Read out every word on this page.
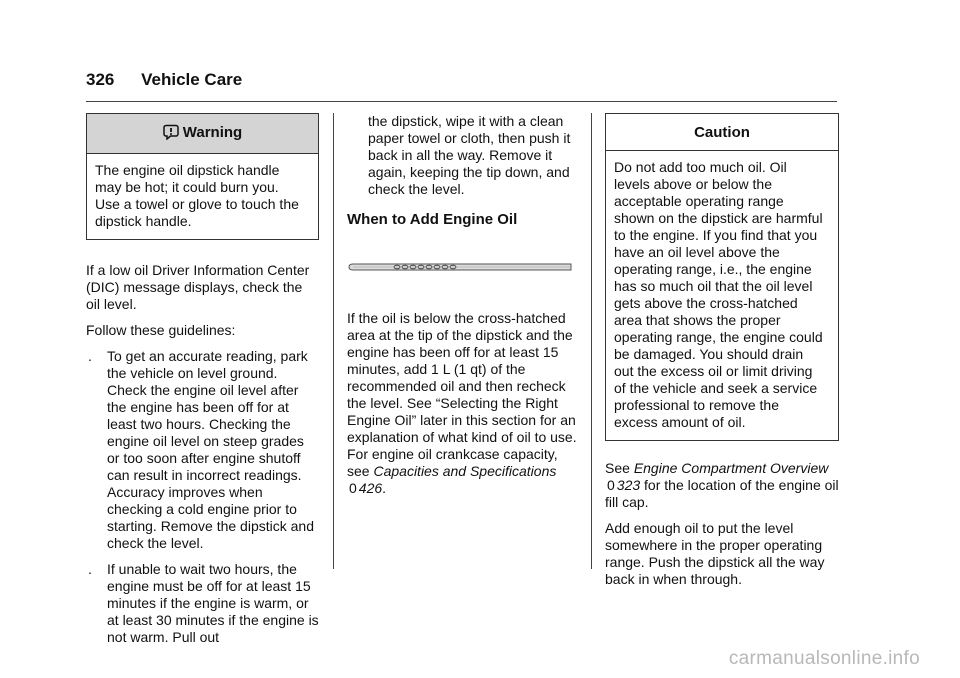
326 Vehicle Care
Warning
The engine oil dipstick handle
may be hot; it could burn you.
Use a towel or glove to touch the
dipstick handle.

If a low oil Driver Information Center (DIC) message displays, check the oil level.

Follow these guidelines:

. To get an accurate reading, park the vehicle on level ground. Check the engine oil level after the engine has been off for at least two hours. Checking the engine oil level on steep grades or too soon after engine shutoff can result in incorrect readings. Accuracy improves when checking a cold engine prior to starting. Remove the dipstick and check the level.
. If unable to wait two hours, the engine must be off for at least 15 minutes if the engine is warm, or at least 30 minutes if the engine is not warm. Pull out

the dipstick, wipe it with a clean paper towel or cloth, then push it back in all the way. Remove it again, keeping the tip down, and check the level.

When to Add Engine Oil

If the oil is below the cross-hatched area at the tip of the dipstick and the engine has been off for at least 15 minutes, add 1 L (1 qt) of the recommended oil and then recheck the level. See “Selecting the Right Engine Oil” later in this section for an explanation of what kind of oil to use. For engine oil crankcase capacity, see Capacities and Specifications 0 426.

Caution
Do not add too much oil. Oil
levels above or below the
acceptable operating range
shown on the dipstick are harmful
to the engine. If you find that you
have an oil level above the
operating range, i.e., the engine
has so much oil that the oil level
gets above the cross-hatched
area that shows the proper
operating range, the engine could
be damaged. You should drain
out the excess oil or limit driving
of the vehicle and seek a service
professional to remove the
excess amount of oil.

See Engine Compartment Overview
0 323 for the location of the engine oil fill cap.

Add enough oil to put the level somewhere in the proper operating range. Push the dipstick all the way back in when through.

carmanualsonline.info
